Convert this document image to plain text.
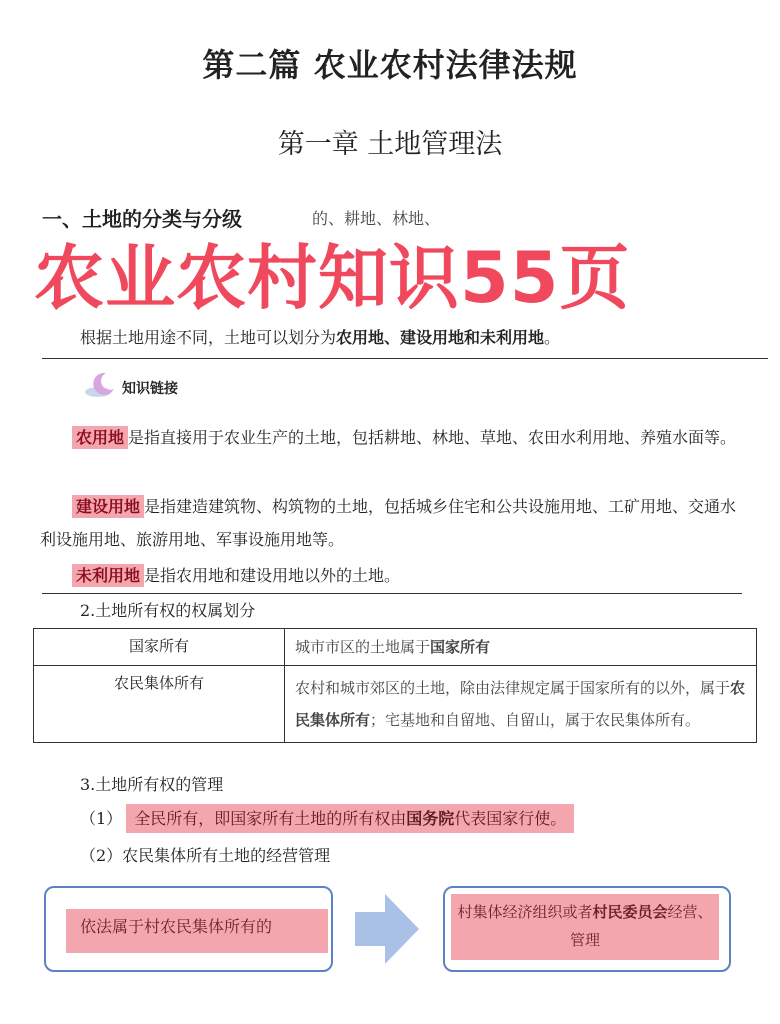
第二篇 农业农村法律法规
第一章 土地管理法
一、土地的分类与分级	的、耕地、林地、
农业农村知识55页
根据土地用途不同，土地可以划分为农用地、建设用地和未利用地。
知识链接
农用地 是指直接用于农业生产的土地，包括耕地、林地、草地、农田水利用地、养殖水面等。
建设用地 是指建造建筑物、构筑物的土地，包括城乡住宅和公共设施用地、工矿用地、交通水利设施用地、旅游用地、军事设施用地等。
未利用地 是指农用地和建设用地以外的土地。
2.土地所有权的权属划分
国家所有	城市市区的土地属于国家所有
农民集体所有	农村和城市郊区的土地，除由法律规定属于国家所有的以外，属于农民集体所有；宅基地和自留地、自留山，属于农民集体所有。
3.土地所有权的管理
（1） 全民所有，即国家所有土地的所有权由国务院代表国家行使。
（2）农民集体所有土地的经营管理
依法属于村农民集体所有的
村集体经济组织或者村民委员会经营、管理
